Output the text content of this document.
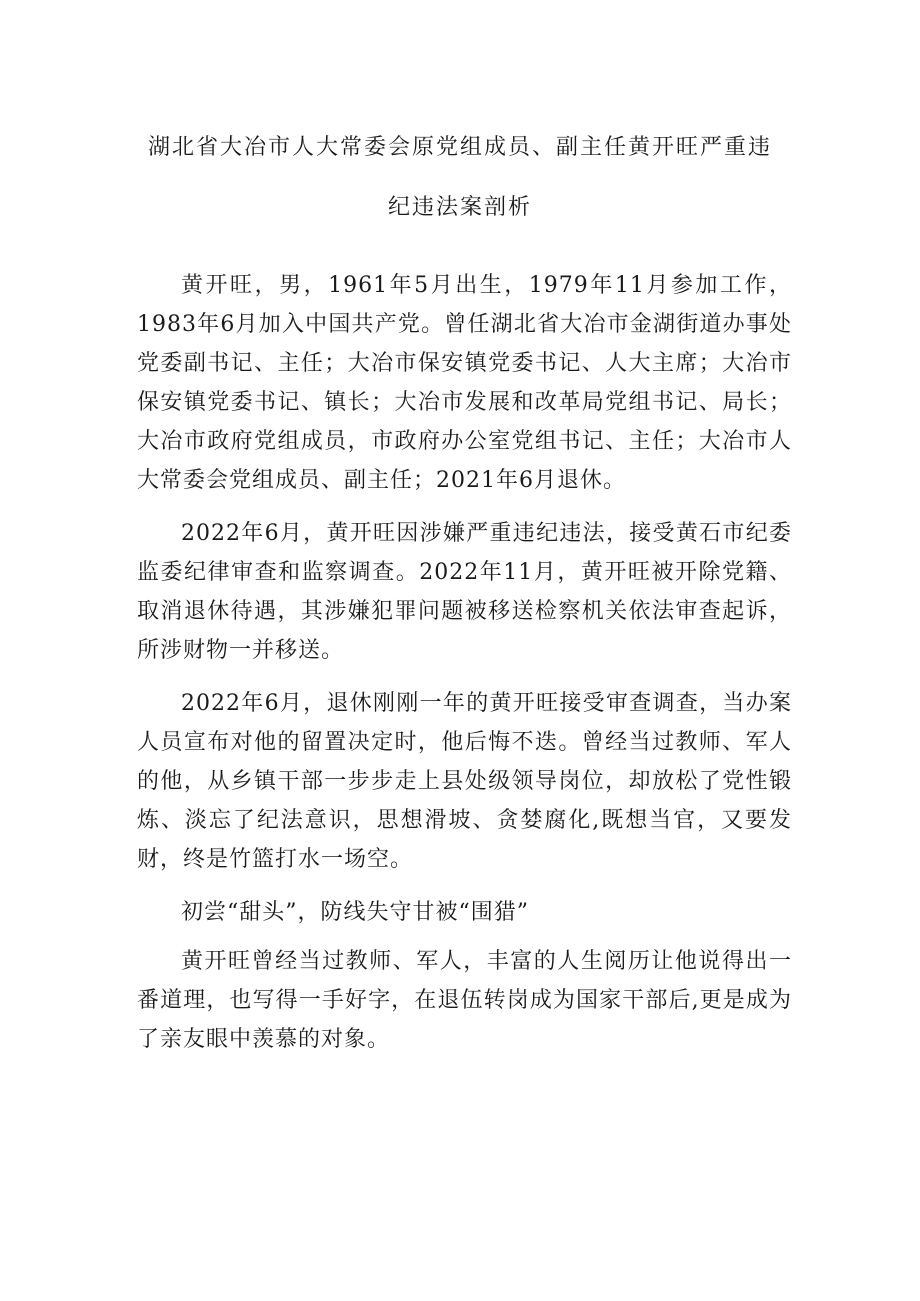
湖北省大冶市人大常委会原党组成员、副主任黄开旺严重违
纪违法案剖析

黄开旺，男，1961年5月出生，1979年11月参加工作，1983年6月加入中国共产党。曾任湖北省大冶市金湖街道办事处党委副书记、主任；大冶市保安镇党委书记、人大主席；大冶市保安镇党委书记、镇长；大冶市发展和改革局党组书记、局长；大冶市政府党组成员，市政府办公室党组书记、主任；大冶市人大常委会党组成员、副主任；2021年6月退休。

2022年6月，黄开旺因涉嫌严重违纪违法，接受黄石市纪委监委纪律审查和监察调查。2022年11月，黄开旺被开除党籍、取消退休待遇，其涉嫌犯罪问题被移送检察机关依法审查起诉，所涉财物一并移送。

2022年6月，退休刚刚一年的黄开旺接受审查调查，当办案人员宣布对他的留置决定时，他后悔不迭。曾经当过教师、军人的他，从乡镇干部一步步走上县处级领导岗位，却放松了党性锻炼、淡忘了纪法意识，思想滑坡、贪婪腐化,既想当官，又要发财，终是竹篮打水一场空。

初尝“甜头”，防线失守甘被“围猎”

黄开旺曾经当过教师、军人，丰富的人生阅历让他说得出一番道理，也写得一手好字，在退伍转岗成为国家干部后,更是成为了亲友眼中羡慕的对象。
